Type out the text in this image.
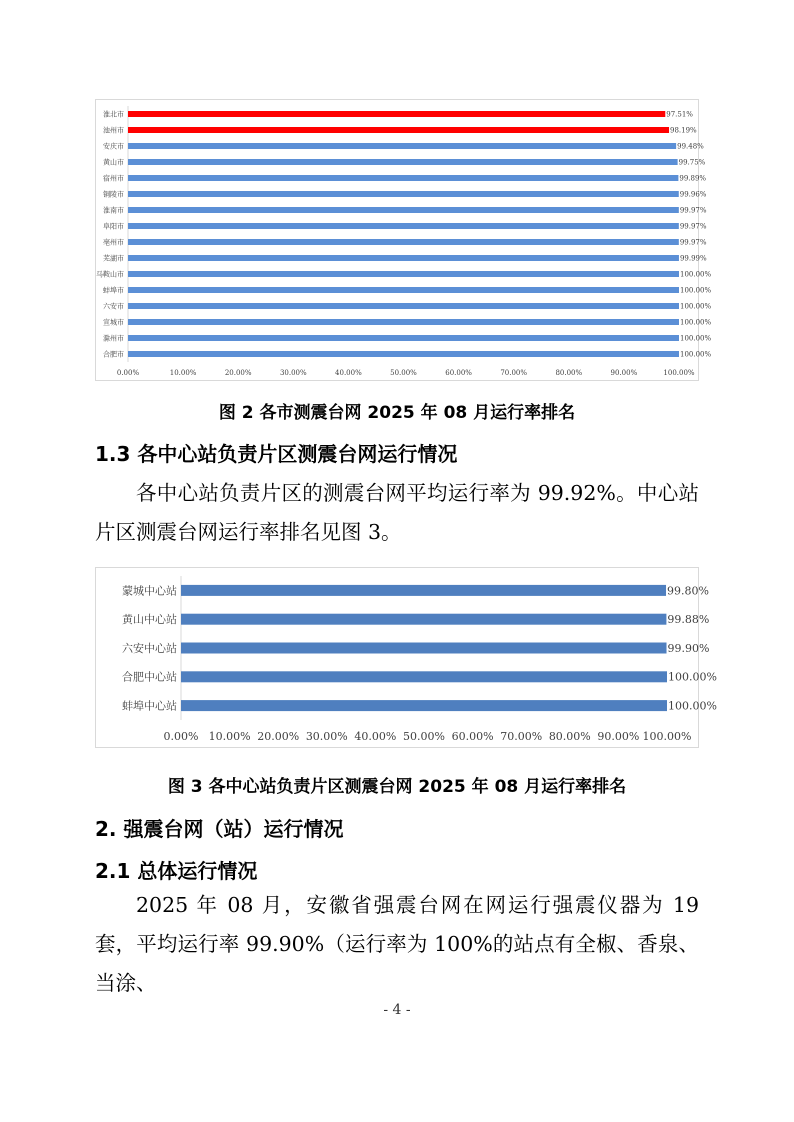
淮北市	97.51%
池州市	98.19%
安庆市	99.48%
黄山市	99.75%
宿州市	99.89%
铜陵市	99.96%
淮南市	99.97%
阜阳市	99.97%
亳州市	99.97%
芜湖市	99.99%
马鞍山市	100.00%
蚌埠市	100.00%
六安市	100.00%
宣城市	100.00%
滁州市	100.00%
合肥市	100.00%
0.00%	10.00%	20.00%	30.00%	40.00%	50.00%	60.00%	70.00%	80.00%	90.00%	100.00%
图 2 各市测震台网 2025 年 08 月运行率排名
1.3 各中心站负责片区测震台网运行情况
各中心站负责片区的测震台网平均运行率为 99.92%。中心站片区测震台网运行率排名见图 3。
蒙城中心站	99.80%
黄山中心站	99.88%
六安中心站	99.90%
合肥中心站	100.00%
蚌埠中心站	100.00%
0.00% 10.00% 20.00% 30.00% 40.00% 50.00% 60.00% 70.00% 80.00% 90.00% 100.00%
图 3 各中心站负责片区测震台网 2025 年 08 月运行率排名
2. 强震台网（站）运行情况
2.1 总体运行情况
2025 年 08 月，安徽省强震台网在网运行强震仪器为 19 套，平均运行率 99.90%（运行率为 100%的站点有全椒、香泉、当涂、
- 4 -
